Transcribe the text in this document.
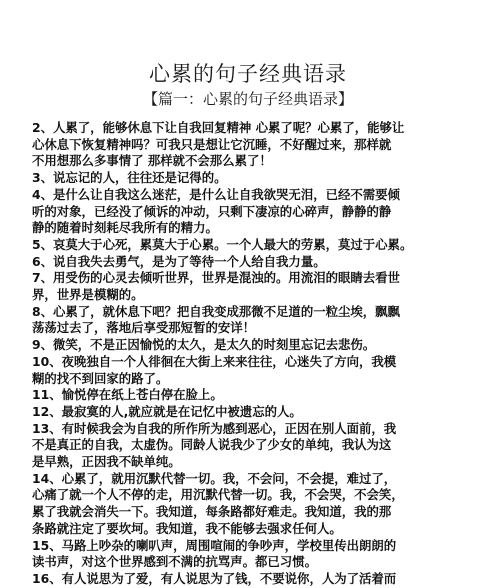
心累的句子经典语录
【篇一：心累的句子经典语录】
2、人累了，能够休息下让自我回复精神 心累了呢？心累了，能够让
心休息下恢复精神吗？可我只是想让它沉睡，不好醒过来，那样就
不用想那么多事情了 那样就不会那么累了！
3、说忘记的人，往往还是记得的。
4、是什么让自我这么迷茫，是什么让自我欲哭无泪，已经不需要倾
听的对象，已经没了倾诉的冲动，只剩下凄凉的心碎声，静静的静
静的随着时刻耗尽我所有的精力。
5、哀莫大于心死，累莫大于心累。一个人最大的劳累，莫过于心累。
6、说自我失去勇气，是为了等待一个人给自我力量。
7、用受伤的心灵去倾听世界，世界是混浊的。用流泪的眼睛去看世
界，世界是模糊的。
8、心累了，就休息下吧？把自我变成那微不足道的一粒尘埃，飘飘
荡荡过去了，落地后享受那短暂的安详！
9、微笑，不是正因愉悦的太久，是太久的时刻里忘记去悲伤。
10、夜晚独自一个人徘徊在大街上来来往往，心迷失了方向，我模
糊的找不到回家的路了。
11、愉悦停在纸上苍白停在脸上。
12、最寂寞的人,就应就是在记忆中被遗忘的人。
13、有时候我会为自我的所作所为感到恶心，正因在别人面前，我
不是真正的自我，太虚伪。同龄人说我少了少女的单纯，我认为这
是早熟，正因我不缺单纯。
14、心累了，就用沉默代替一切。我，不会问，不会提，难过了，
心痛了就一个人不停的走，用沉默代替一切。我，不会哭，不会笑，
累了我就会消失一下。我知道，每条路都好难走。我知道，我的那
条路就注定了要坎坷。我知道，我不能够去强求任何人。
15、马路上吵杂的喇叭声，周围喧闹的争吵声，学校里传出朗朗的
读书声，对这个世界感到不满的抗骂声。都已习惯。
16、有人说思为了爱，有人说思为了钱，不要说你，人为了活着而
